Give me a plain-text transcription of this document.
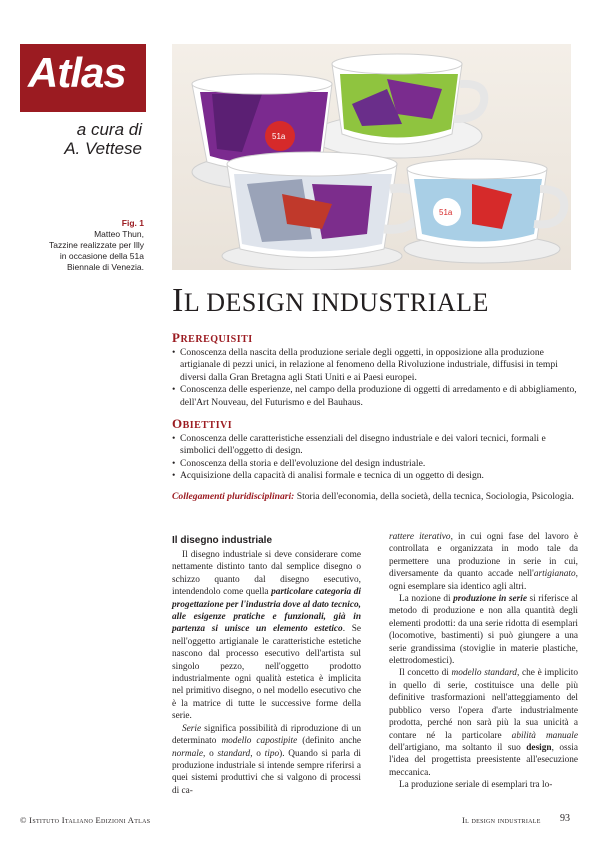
Atlas
a cura di
A. Vettese
Fig. 1
Matteo Thun,
Tazzine realizzate per Illy
in occasione della 51a
Biennale di Venezia.
51a
51a
IL DESIGN INDUSTRIALE
PREREQUISITI
• Conoscenza della nascita della produzione seriale degli oggetti, in opposizione alla produzione artigianale di pezzi unici, in relazione al fenomeno della Rivoluzione industriale, diffusisi in tempi diversi dalla Gran Bretagna agli Stati Uniti e ai Paesi europei.
• Conoscenza delle esperienze, nel campo della produzione di oggetti di arredamento e di abbigliamento, dell'Art Nouveau, del Futurismo e del Bauhaus.
OBIETTIVI
• Conoscenza delle caratteristiche essenziali del disegno industriale e dei valori tecnici, formali e simbolici dell'oggetto di design.
• Conoscenza della storia e dell'evoluzione del design industriale.
• Acquisizione della capacità di analisi formale e tecnica di un oggetto di design.
Collegamenti pluridisciplinari: Storia dell'economia, della società, della tecnica, Sociologia, Psicologia.
Il disegno industriale

Il disegno industriale si deve considerare come nettamente distinto tanto dal semplice disegno o schizzo quanto dal disegno esecutivo, intendendolo come quella particolare categoria di progettazione per l'industria dove al dato tecnico, alle esigenze pratiche e funzionali, già in partenza si unisce un elemento estetico. Se nell'oggetto artigianale le caratteristiche estetiche nascono dal processo esecutivo dell'artista sul singolo pezzo, nell'oggetto prodotto industrialmente ogni qualità estetica è implicita nel primitivo disegno, o nel modello esecutivo che è la matrice di tutte le successive forme della serie.

Serie significa possibilità di riproduzione di un determinato modello capostipite (definito anche normale, o standard, o tipo). Quando si parla di produzione industriale si intende sempre riferirsi a quei sistemi produttivi che si valgono di processi di ca-

rattere iterativo, in cui ogni fase del lavoro è controllata e organizzata in modo tale da permettere una produzione in serie in cui, diversamente da quanto accade nell'artigianato, ogni esemplare sia identico agli altri.

La nozione di produzione in serie si riferisce al metodo di produzione e non alla quantità degli elementi prodotti: da una serie ridotta di esemplari (locomotive, bastimenti) si può giungere a una serie grandissima (stoviglie in materie plastiche, elettrodomestici).

Il concetto di modello standard, che è implicito in quello di serie, costituisce una delle più definitive trasformazioni nell'atteggiamento del pubblico verso l'opera d'arte industrialmente prodotta, perché non sarà più la sua unicità a contare né la particolare abilità manuale dell'artigiano, ma soltanto il suo design, ossia l'idea del progettista preesistente all'esecuzione meccanica.

La produzione seriale di esemplari tra lo-

© Istituto Italiano Edizioni Atlas	Il design industriale 93
